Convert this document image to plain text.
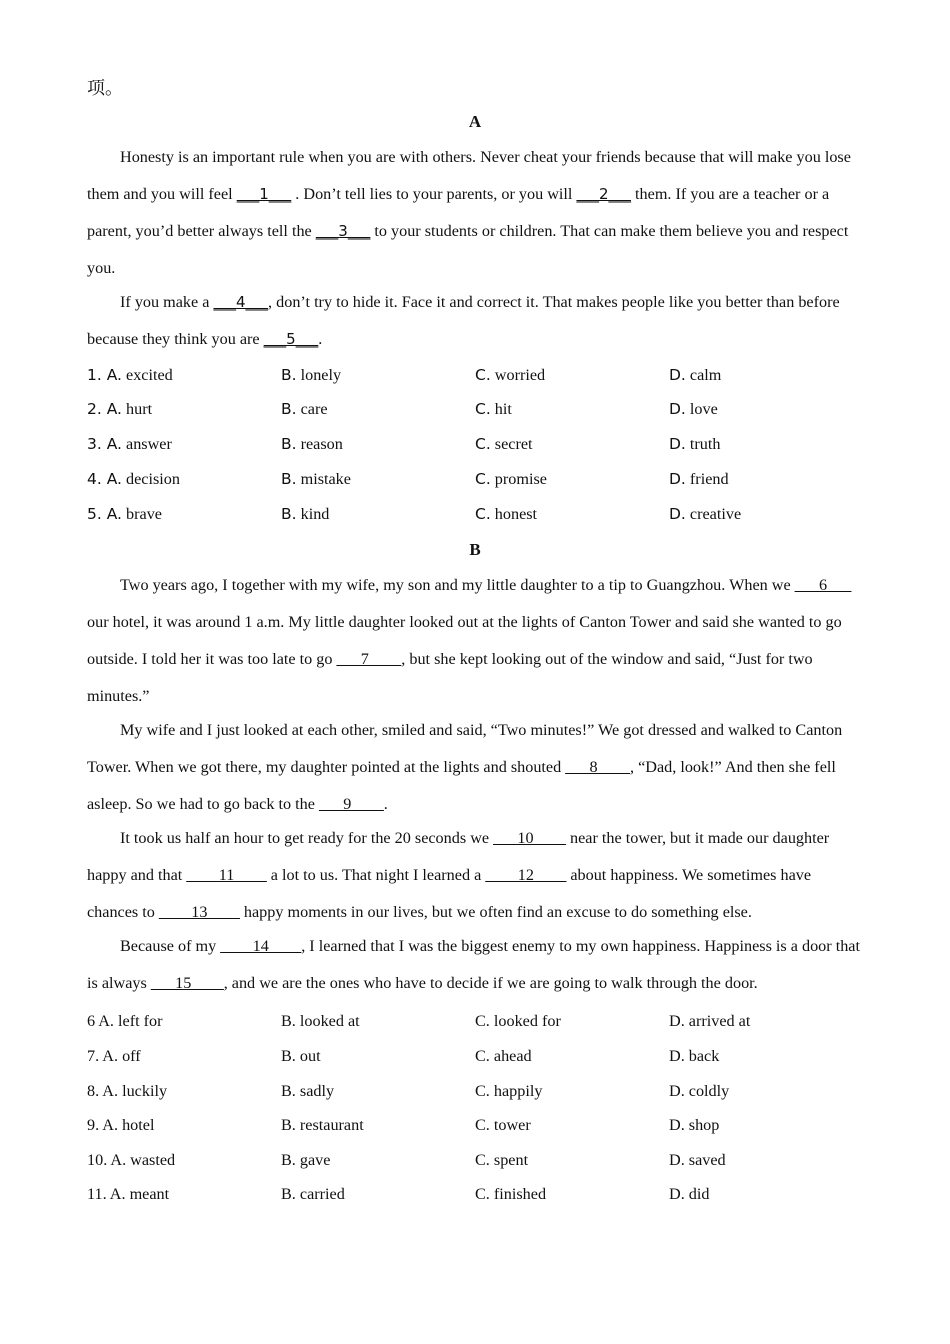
项。
A

Honesty is an important rule when you are with others. Never cheat your friends because that will make you lose them and you will feel ___1___ . Don’t tell lies to your parents, or you will ___2___ them. If you are a teacher or a parent, you’d better always tell the ___3___ to your students or children. That can make them believe you and respect you.

If you make a ___4___, don’t try to hide it. Face it and correct it. That makes people like you better than before because they think you are ___5___.

1. A. excited	B. lonely	C. worried	D. calm
2. A. hurt	B. care	C. hit	D. love
3. A. answer	B. reason	C. secret	D. truth
4. A. decision	B. mistake	C. promise	D. friend
5. A. brave	B. kind	C. honest	D. creative
B

Two years ago, I together with my wife, my son and my little daughter to a tip to Guangzhou. When we ___6___ our hotel, it was around 1 a.m. My little daughter looked out at the lights of Canton Tower and said she wanted to go outside. I told her it was too late to go ___7____, but she kept looking out of the window and said, “Just for two minutes.”

My wife and I just looked at each other, smiled and said, “Two minutes!” We got dressed and walked to Canton Tower. When we got there, my daughter pointed at the lights and shouted ___8____, “Dad, look!” And then she fell asleep. So we had to go back to the ___9____.

It took us half an hour to get ready for the 20 seconds we ___10____ near the tower, but it made our daughter happy and that ____11____ a lot to us. That night I learned a ____12____ about happiness. We sometimes have chances to ____13____ happy moments in our lives, but we often find an excuse to do something else.

Because of my ____14____, I learned that I was the biggest enemy to my own happiness. Happiness is a door that is always ___15____, and we are the ones who have to decide if we are going to walk through the door.

6 A. left for	B. looked at	C. looked for	D. arrived at
7. A. off	B. out	C. ahead	D. back
8. A. luckily	B. sadly	C. happily	D. coldly
9. A. hotel	B. restaurant	C. tower	D. shop
10. A. wasted	B. gave	C. spent	D. saved
11. A. meant	B. carried	C. finished	D. did
